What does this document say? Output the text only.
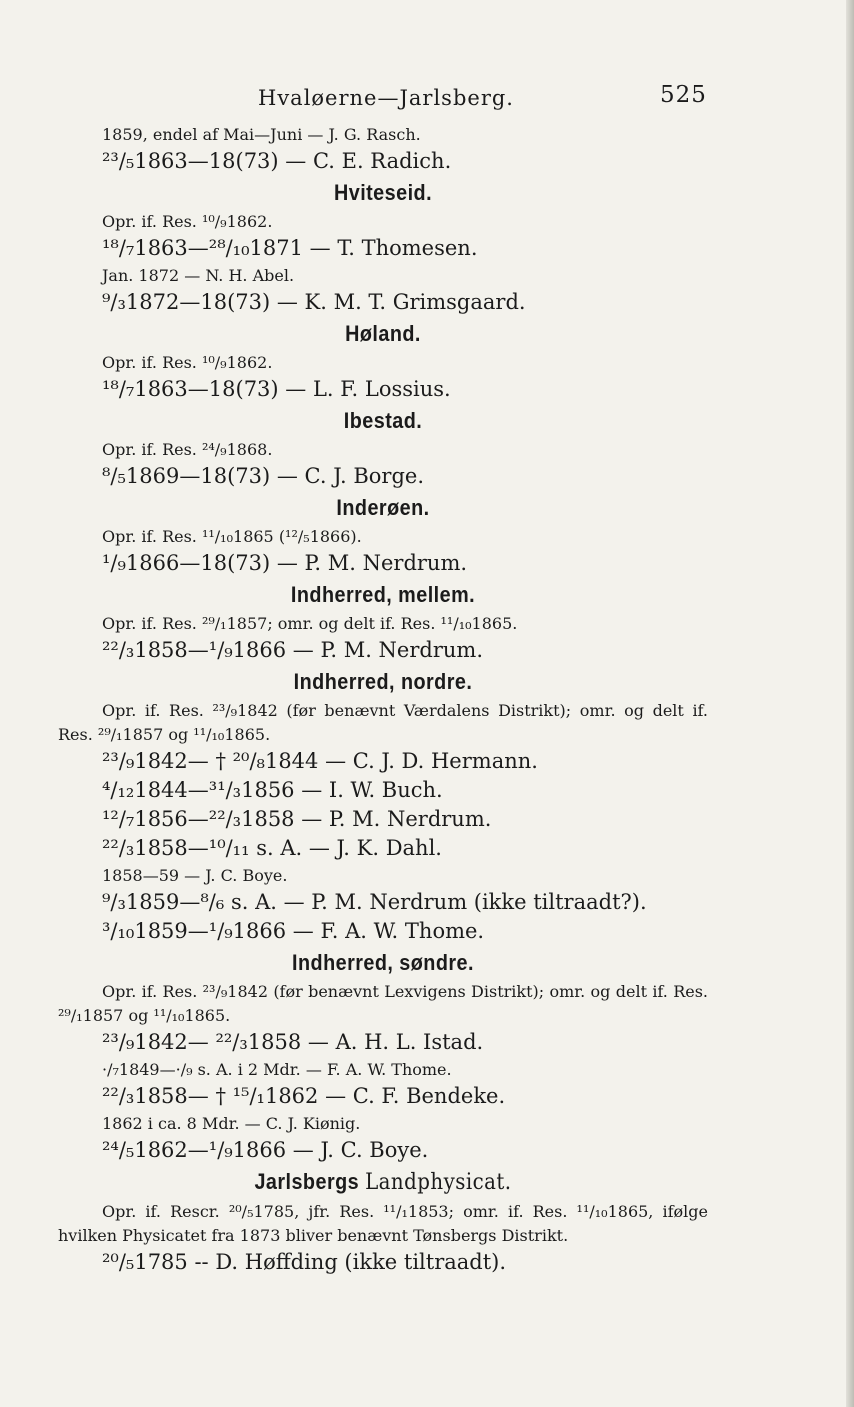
Hvaløerne—Jarlsberg.	525
1859, endel af Mai—Juni — J. G. Rasch.
²³/₅1863—18(73) — C. E. Radich.
Hviteseid.
Opr. if. Res. ¹⁰/₉1862.
¹⁸/₇1863—²⁸/₁₀1871 — T. Thomesen.
Jan. 1872 — N. H. Abel.
⁹/₃1872—18(73) — K. M. T. Grimsgaard.
Høland.
Opr. if. Res. ¹⁰/₉1862.
¹⁸/₇1863—18(73) — L. F. Lossius.
Ibestad.
Opr. if. Res. ²⁴/₉1868.
⁸/₅1869—18(73) — C. J. Borge.
Inderøen.
Opr. if. Res. ¹¹/₁₀1865 (¹²/₅1866).
¹/₉1866—18(73) — P. M. Nerdrum.
Indherred, mellem.
Opr. if. Res. ²⁹/₁1857; omr. og delt if. Res. ¹¹/₁₀1865.
²²/₃1858—¹/₉1866 — P. M. Nerdrum.
Indherred, nordre.
Opr. if. Res. ²³/₉1842 (før benævnt Værdalens Distrikt); omr. og delt if. Res. ²⁹/₁1857 og ¹¹/₁₀1865.
²³/₉1842— † ²⁰/₈1844 — C. J. D. Hermann.
⁴/₁₂1844—³¹/₃1856 — I. W. Buch.
¹²/₇1856—²²/₃1858 — P. M. Nerdrum.
²²/₃1858—¹⁰/₁₁ s. A. — J. K. Dahl.
1858—59 — J. C. Boye.
⁹/₃1859—⁸/₆ s. A. — P. M. Nerdrum (ikke tiltraadt?).
³/₁₀1859—¹/₉1866 — F. A. W. Thome.
Indherred, søndre.
Opr. if. Res. ²³/₉1842 (før benævnt Lexvigens Distrikt); omr. og delt if. Res. ²⁹/₁1857 og ¹¹/₁₀1865.
²³/₉1842— ²²/₃1858 — A. H. L. Istad.
·/₇1849—·/₉ s. A. i 2 Mdr. — F. A. W. Thome.
²²/₃1858— † ¹⁵/₁1862 — C. F. Bendeke.
1862 i ca. 8 Mdr. — C. J. Kiønig.
²⁴/₅1862—¹/₉1866 — J. C. Boye.
Jarlsbergs Landphysicat.
Opr. if. Rescr. ²⁰/₅1785, jfr. Res. ¹¹/₁1853; omr. if. Res. ¹¹/₁₀1865, ifølge hvilken Physicatet fra 1873 bliver benævnt Tønsbergs Distrikt.
²⁰/₅1785 -- D. Høffding (ikke tiltraadt).
